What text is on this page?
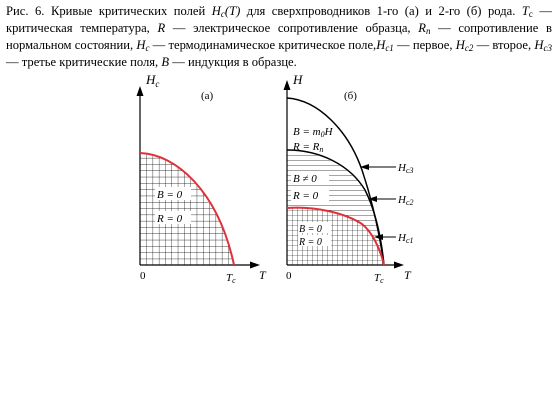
Рис. 6. Кривые критических полей $H_c(T)$ для сверхпроводников 1-го (а) и 2-го (б) рода. $T_c$ — критическая температура, R — электрическое сопротивление образца, $R_n$ — сопротивление в нормальном состоянии, $H_c$ — термодинамическое критическое $поле,H_{c1}$ — первое, $H_{c2}$ — второе, $H_{c3}$ — третье критические поля, B — индукция в образце.
$H_c$
(а)
0	Tc T
B = 0
R = 0
H
(б)
0	Tc T
B = m0H
R = Rn
B ≠ 0
R = 0
B = 0
R = 0
Hc3
Hc2
Hc1
